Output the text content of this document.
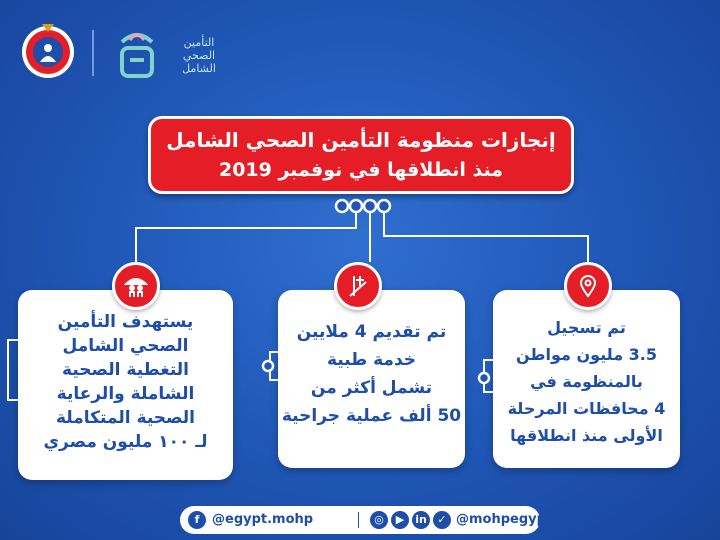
التأمين
الصحي
الشامل
إنجازات منظومة التأمين الصحي الشامل
منذ انطلاقها في نوفمبر 2019
يستهدف التأمين
الصحي الشامل
التغطية الصحية
الشاملة والرعاية
الصحية المتكاملة
لـ ١٠٠ مليون مصري
تم تقديم 4 ملايين
خدمة طبية
تشمل أكثر من
50 ألف عملية جراحية
تم تسجيل
3.5 مليون مواطن
بالمنظومة في
4 محافظات المرحلة
الأولى منذ انطلاقها
f @egypt.mohp	◎	▶ in ✓ @mohpegypt
